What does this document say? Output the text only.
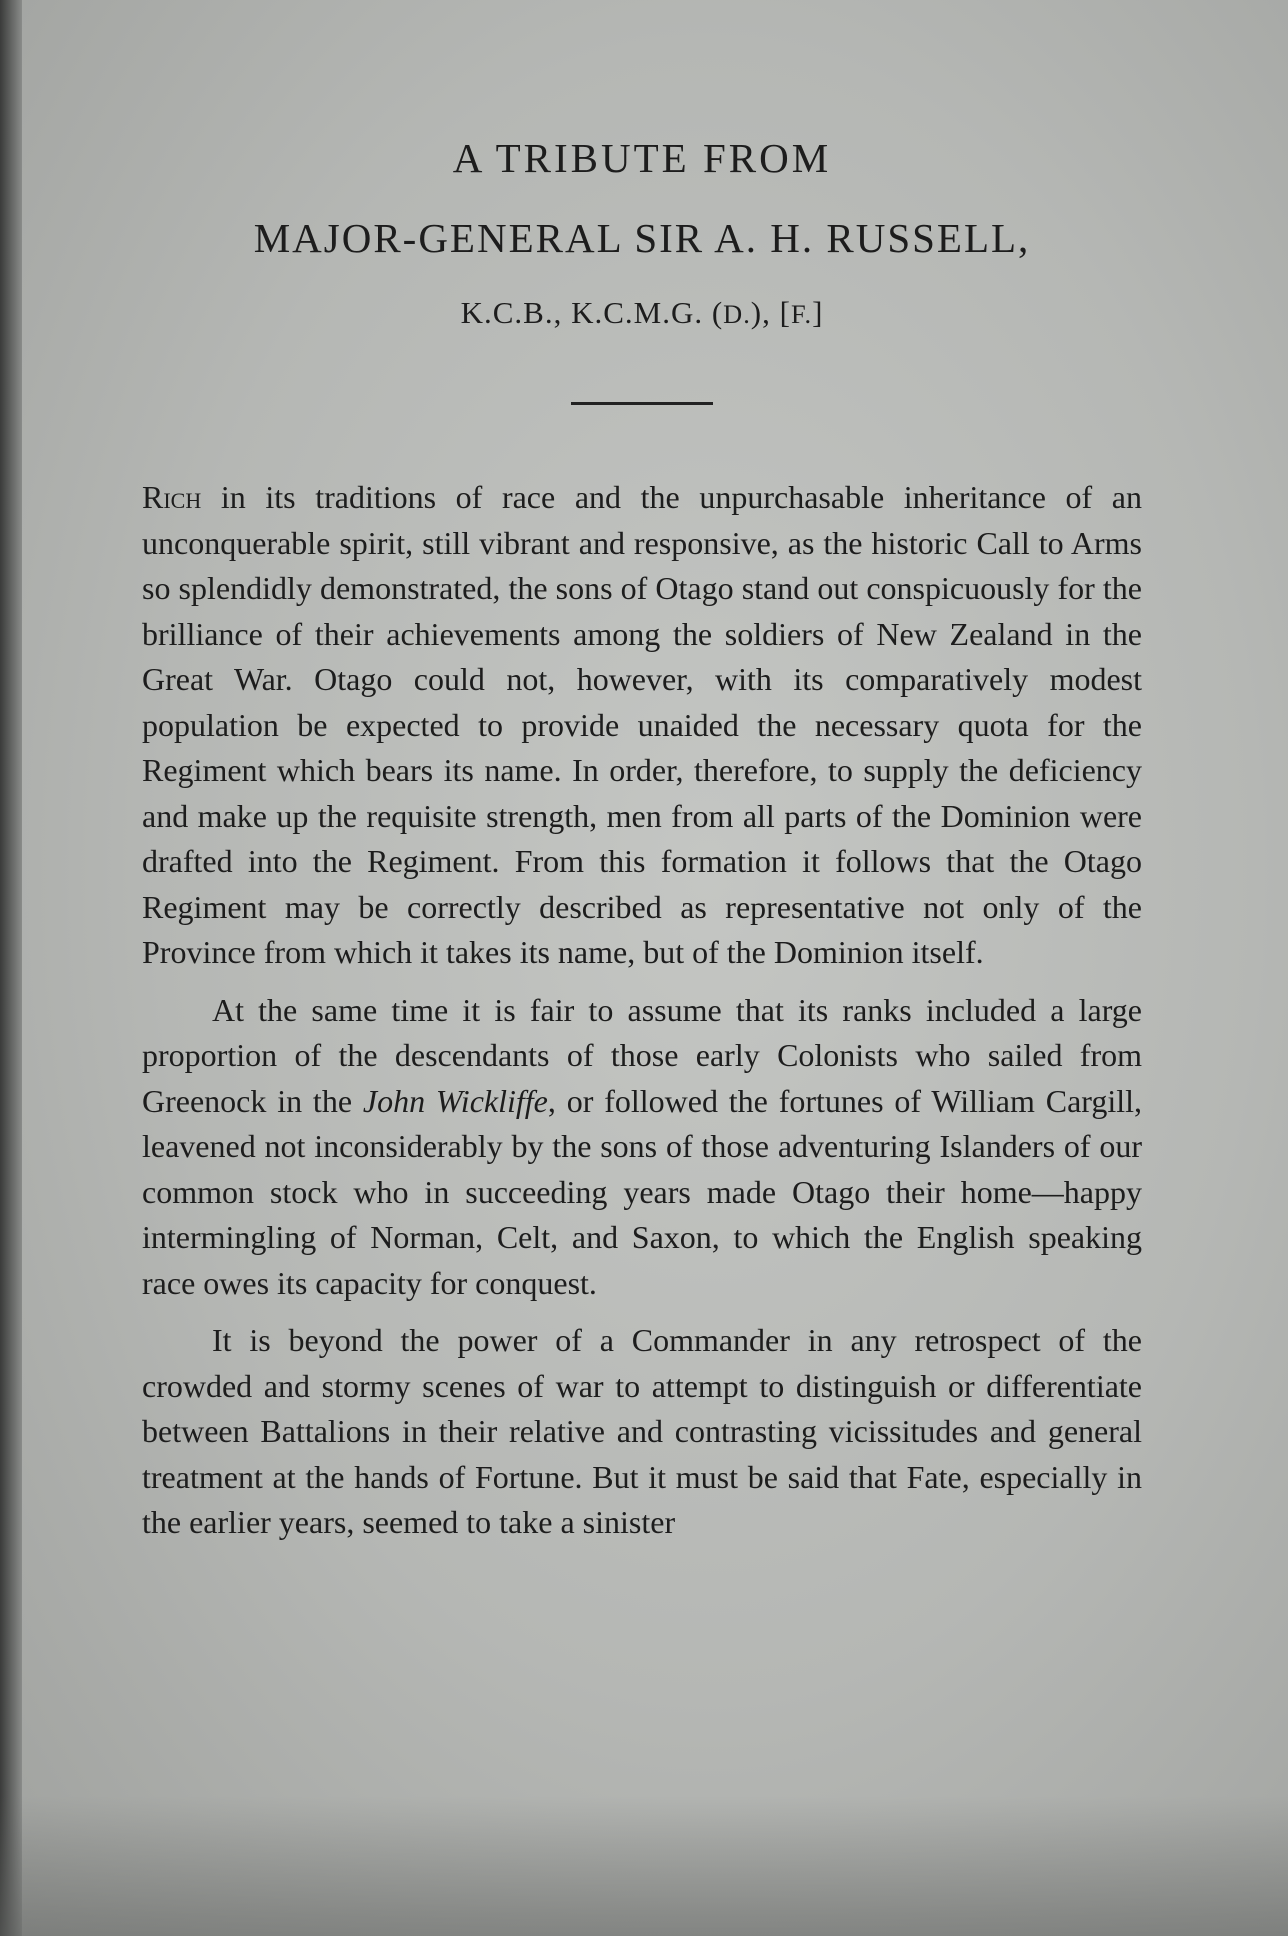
A TRIBUTE FROM
MAJOR-GENERAL SIR A. H. RUSSELL,
K.C.B., K.C.M.G. (D.), [F.]

Rich in its traditions of race and the unpurchasable inheritance of an unconquerable spirit, still vibrant and responsive, as the historic Call to Arms so splendidly demonstrated, the sons of Otago stand out conspicuously for the brilliance of their achievements among the soldiers of New Zealand in the Great War. Otago could not, however, with its comparatively modest population be expected to provide unaided the necessary quota for the Regiment which bears its name. In order, therefore, to supply the deficiency and make up the requisite strength, men from all parts of the Dominion were drafted into the Regiment. From this formation it follows that the Otago Regiment may be correctly described as representative not only of the Province from which it takes its name, but of the Dominion itself.

At the same time it is fair to assume that its ranks included a large proportion of the descendants of those early Colonists who sailed from Greenock in the John Wickliffe, or followed the fortunes of William Cargill, leavened not inconsiderably by the sons of those adventuring Islanders of our common stock who in succeeding years made Otago their home—happy intermingling of Norman, Celt, and Saxon, to which the English speaking race owes its capacity for conquest.

It is beyond the power of a Commander in any retrospect of the crowded and stormy scenes of war to attempt to distinguish or differentiate between Battalions in their relative and contrasting vicissitudes and general treatment at the hands of Fortune. But it must be said that Fate, especially in the earlier years, seemed to take a sinister
